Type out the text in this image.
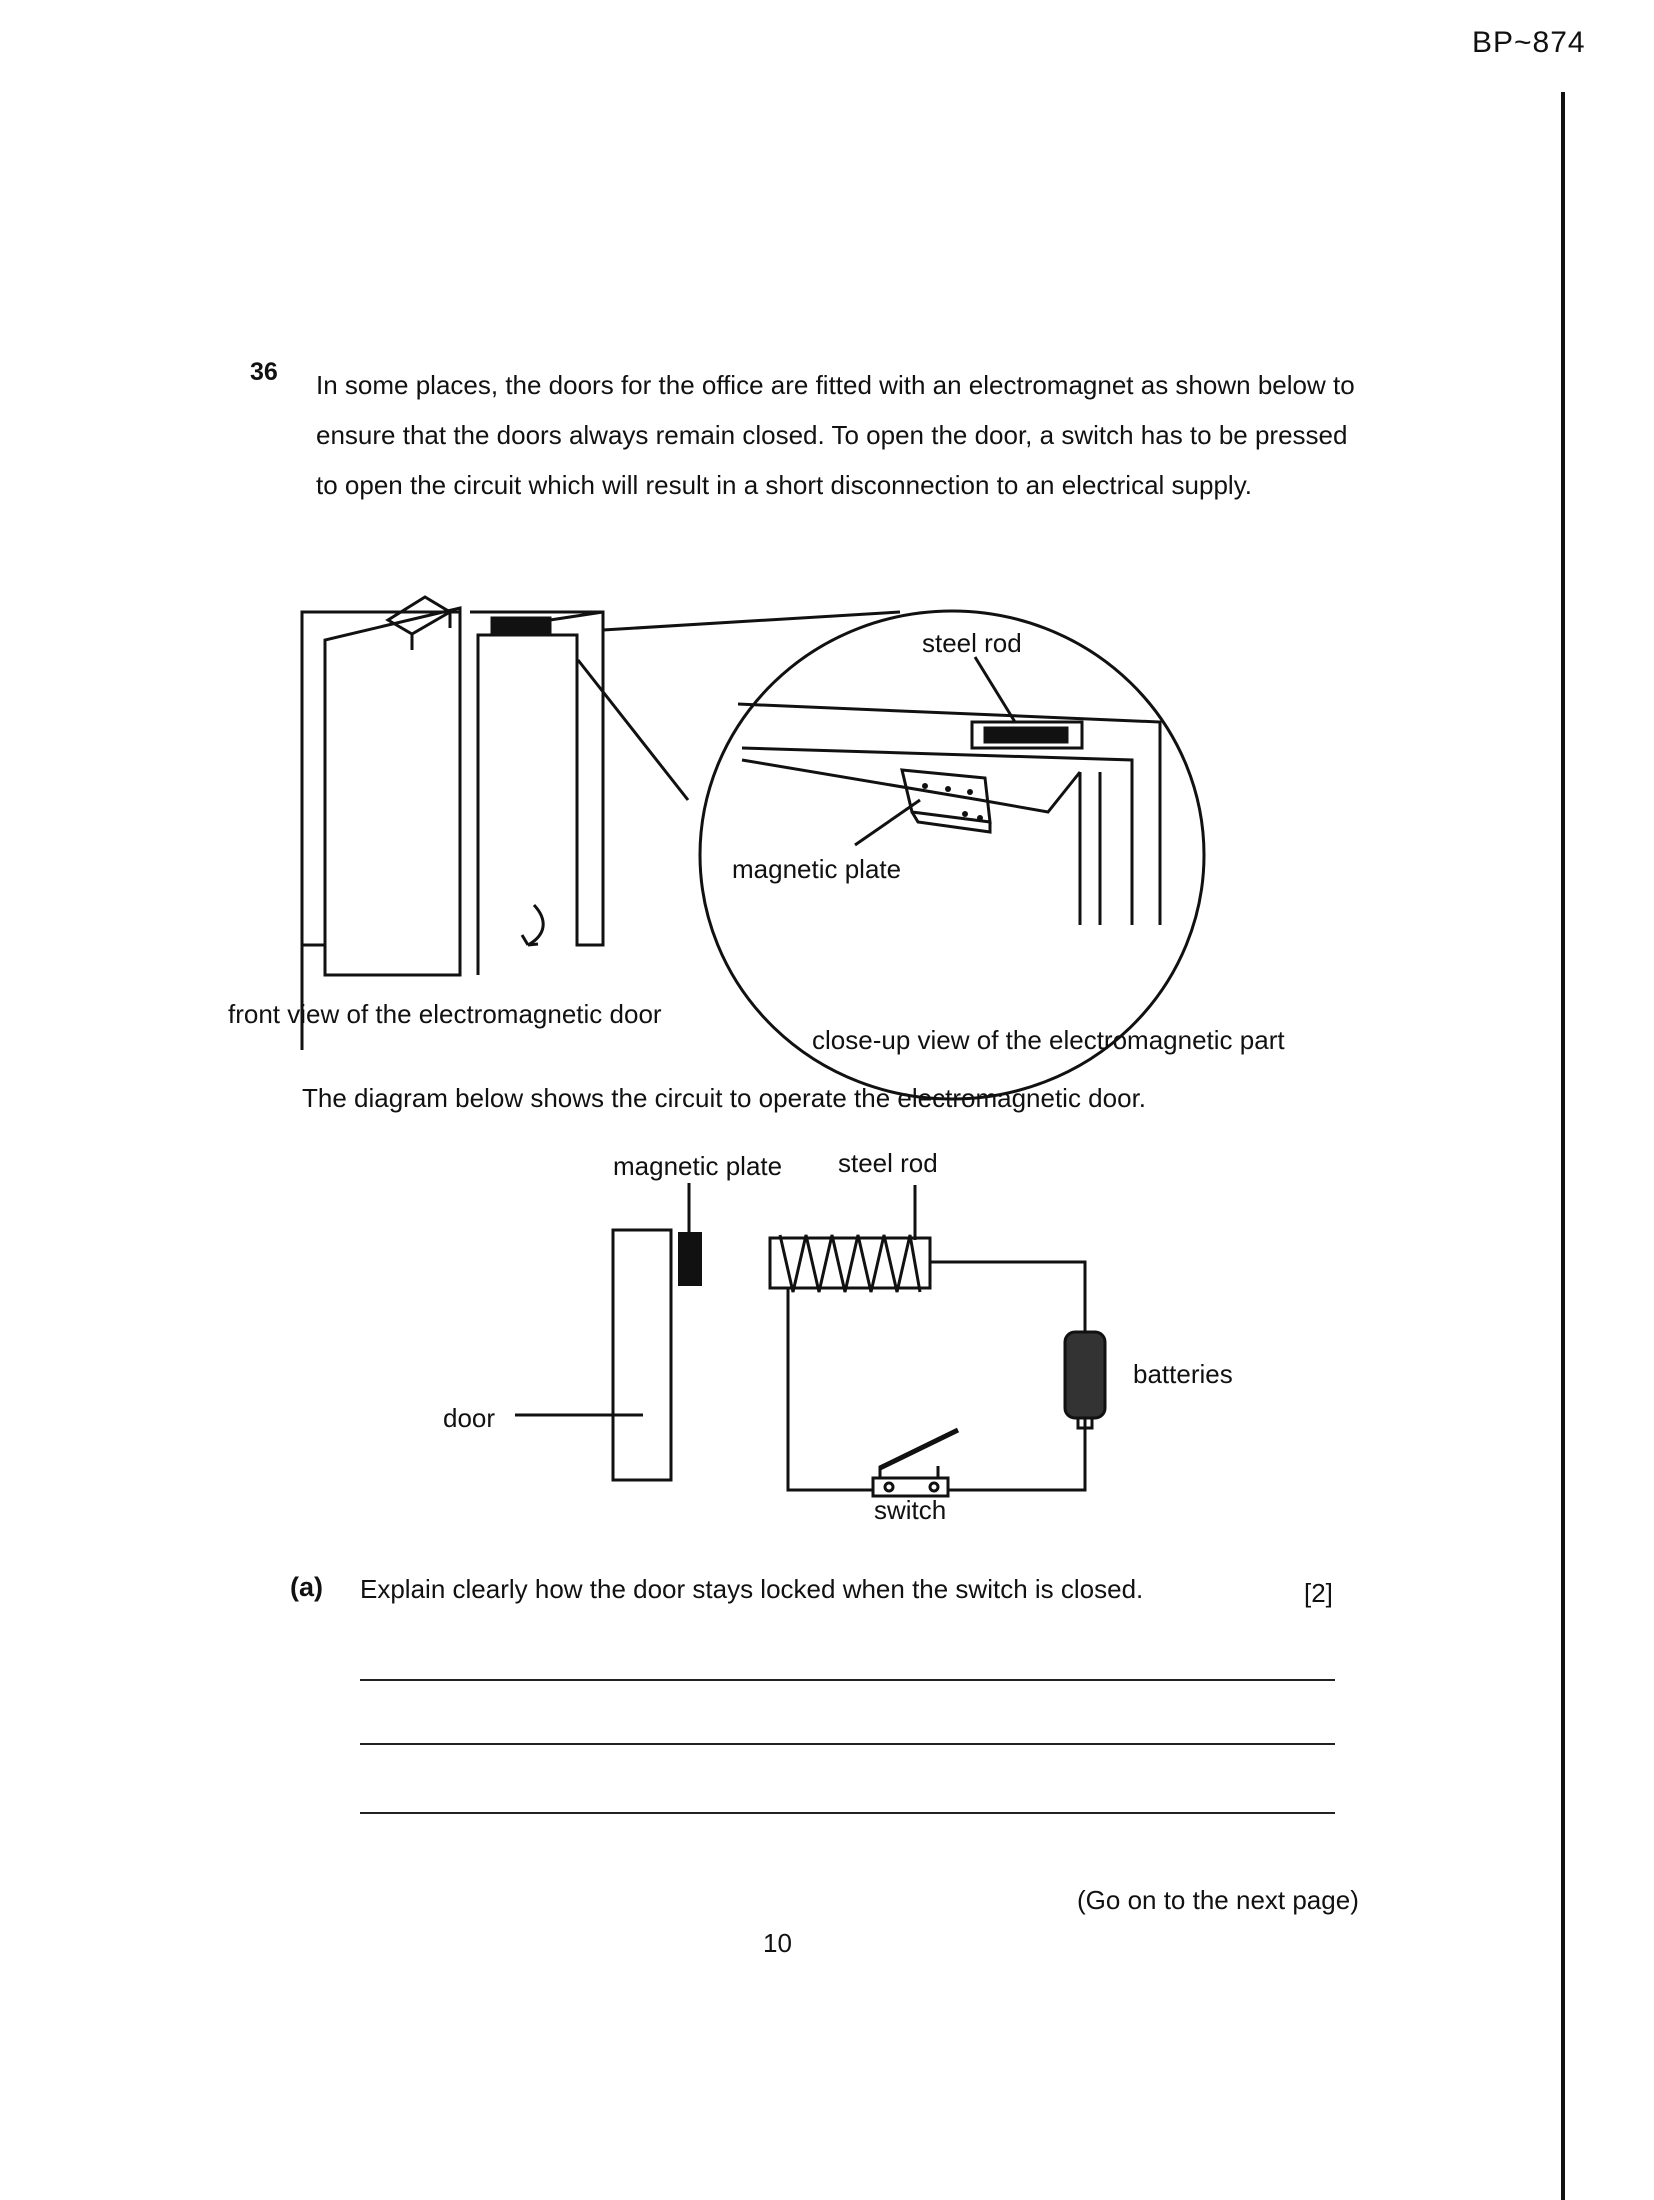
BP~874
36 In some places, the doors for the office are fitted with an electromagnet as shown below to ensure that the doors always remain closed. To open the door, a switch has to be pressed to open the circuit which will result in a short disconnection to an electrical supply.
steel rod
magnetic plate
front view of the electromagnetic door
close-up view of the electromagnetic part
The diagram below shows the circuit to operate the electromagnetic door.
magnetic plate steel rod
batteries
door
switch
(a) Explain clearly how the door stays locked when the switch is closed.	[2]
(Go on to the next page)
10
